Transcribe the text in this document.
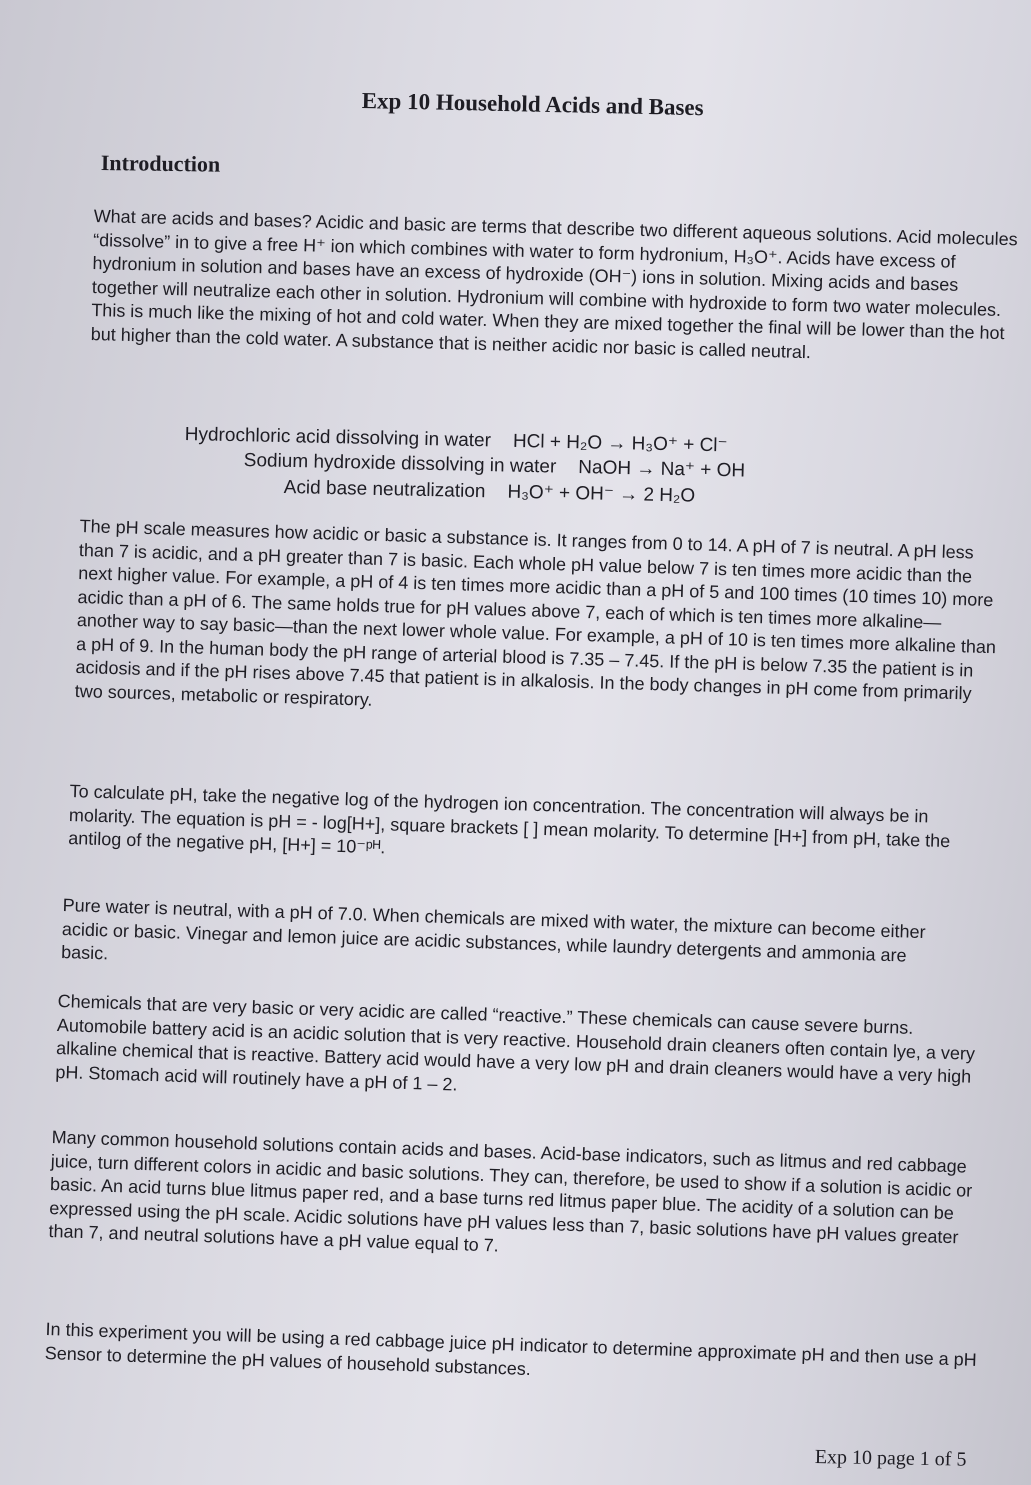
Exp 10 Household Acids and Bases
Introduction

What are acids and bases? Acidic and basic are terms that describe two different aqueous solutions. Acid molecules “dissolve” in to give a free H⁺ ion which combines with water to form hydronium, H₃O⁺. Acids have excess of hydronium in solution and bases have an excess of hydroxide (OH⁻) ions in solution. Mixing acids and bases together will neutralize each other in solution. Hydronium will combine with hydroxide to form two water molecules. This is much like the mixing of hot and cold water. When they are mixed together the final will be lower than the hot but higher than the cold water. A substance that is neither acidic nor basic is called neutral.

Hydrochloric acid dissolving in water HCl + H₂O → H₃O⁺ + Cl⁻
Sodium hydroxide dissolving in water NaOH → Na⁺ + OH
Acid base neutralization H₃O⁺ + OH⁻ → 2 H₂O

The pH scale measures how acidic or basic a substance is. It ranges from 0 to 14. A pH of 7 is neutral. A pH less than 7 is acidic, and a pH greater than 7 is basic. Each whole pH value below 7 is ten times more acidic than the next higher value. For example, a pH of 4 is ten times more acidic than a pH of 5 and 100 times (10 times 10) more acidic than a pH of 6. The same holds true for pH values above 7, each of which is ten times more alkaline—another way to say basic—than the next lower whole value. For example, a pH of 10 is ten times more alkaline than a pH of 9. In the human body the pH range of arterial blood is 7.35 – 7.45. If the pH is below 7.35 the patient is in acidosis and if the pH rises above 7.45 that patient is in alkalosis. In the body changes in pH come from primarily two sources, metabolic or respiratory.

To calculate pH, take the negative log of the hydrogen ion concentration. The concentration will always be in molarity. The equation is pH = - log[H+], square brackets [ ] mean molarity. To determine [H+] from pH, take the antilog of the negative pH, [H+] = 10⁻ᵖᴴ.

Pure water is neutral, with a pH of 7.0. When chemicals are mixed with water, the mixture can become either acidic or basic. Vinegar and lemon juice are acidic substances, while laundry detergents and ammonia are basic.

Chemicals that are very basic or very acidic are called “reactive.” These chemicals can cause severe burns. Automobile battery acid is an acidic solution that is very reactive. Household drain cleaners often contain lye, a very alkaline chemical that is reactive. Battery acid would have a very low pH and drain cleaners would have a very high pH. Stomach acid will routinely have a pH of 1 – 2.

Many common household solutions contain acids and bases. Acid-base indicators, such as litmus and red cabbage juice, turn different colors in acidic and basic solutions. They can, therefore, be used to show if a solution is acidic or basic. An acid turns blue litmus paper red, and a base turns red litmus paper blue. The acidity of a solution can be expressed using the pH scale. Acidic solutions have pH values less than 7, basic solutions have pH values greater than 7, and neutral solutions have a pH value equal to 7.

In this experiment you will be using a red cabbage juice pH indicator to determine approximate pH and then use a pH Sensor to determine the pH values of household substances.

Exp 10 page 1 of 5
